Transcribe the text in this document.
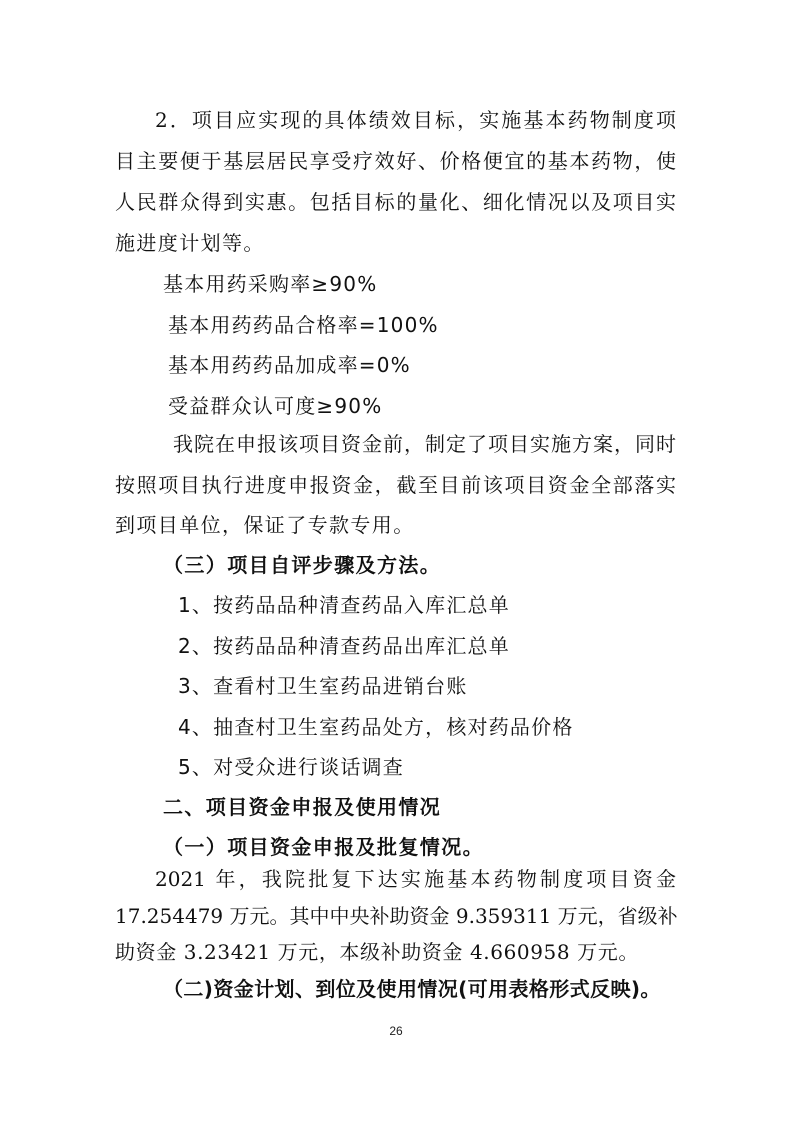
2．项目应实现的具体绩效目标，实施基本药物制度项
目主要便于基层居民享受疗效好、价格便宜的基本药物，使
人民群众得到实惠。包括目标的量化、细化情况以及项目实
施进度计划等。
基本用药采购率≥90%
基本用药药品合格率=100%
基本用药药品加成率=0%
受益群众认可度≥90%
我院在申报该项目资金前，制定了项目实施方案，同时
按照项目执行进度申报资金，截至目前该项目资金全部落实
到项目单位，保证了专款专用。
（三）项目自评步骤及方法。
1、按药品品种清查药品入库汇总单
2、按药品品种清查药品出库汇总单
3、查看村卫生室药品进销台账
4、抽查村卫生室药品处方，核对药品价格
5、对受众进行谈话调查
二、项目资金申报及使用情况
（一）项目资金申报及批复情况。
2021 年，我院批复下达实施基本药物制度项目资金
17.254479 万元。其中中央补助资金 9.359311 万元，省级补
助资金 3.23421 万元，本级补助资金 4.660958 万元。
（二)资金计划、到位及使用情况(可用表格形式反映)。
26
